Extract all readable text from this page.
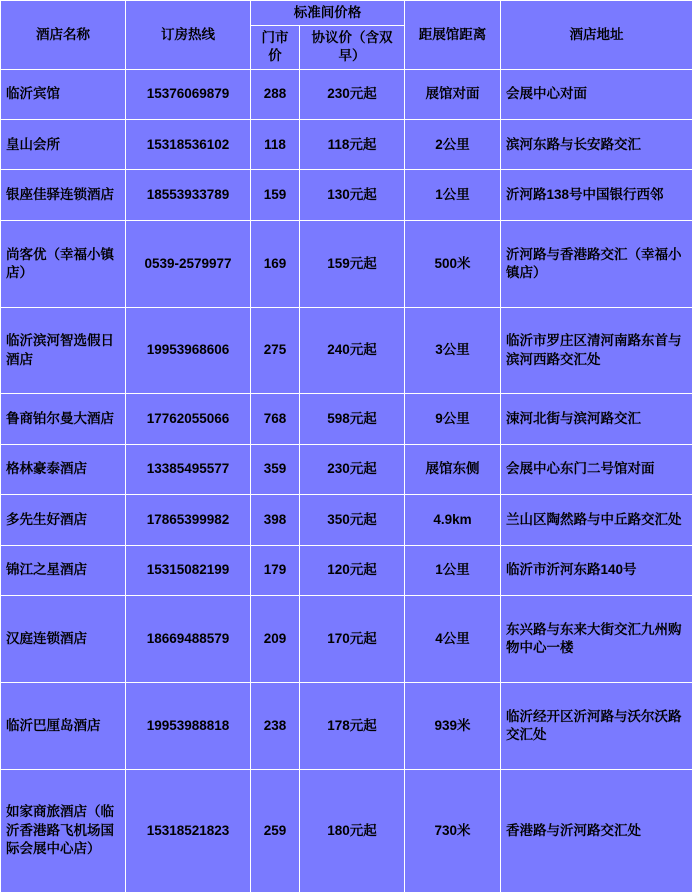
酒店名称	订房热线	标准间价格		距展馆距离	酒店地址
		门市价	协议价（含双早）		
临沂宾馆	15376069879	288	230元起	展馆对面	会展中心对面
皇山会所	15318536102	118	118元起	2公里	滨河东路与长安路交汇
银座佳驿连锁酒店	18553933789	159	130元起	1公里	沂河路138号中国银行西邻
尚客优（幸福小镇店）	0539-2579977	169	159元起	500米	沂河路与香港路交汇（幸福小镇店）
临沂滨河智选假日酒店	19953968606	275	240元起	3公里	临沂市罗庄区清河南路东首与滨河西路交汇处
鲁商铂尔曼大酒店	17762055066	768	598元起	9公里	涑河北街与滨河路交汇
格林豪泰酒店	13385495577	359	230元起	展馆东侧	会展中心东门二号馆对面
多先生好酒店	17865399982	398	350元起	4.9km	兰山区陶然路与中丘路交汇处
锦江之星酒店	15315082199	179	120元起	1公里	临沂市沂河东路140号
汉庭连锁酒店	18669488579	209	170元起	4公里	东兴路与东来大街交汇九州购物中心一楼
临沂巴厘岛酒店	19953988818	238	178元起	939米	临沂经开区沂河路与沃尔沃路交汇处
如家商旅酒店（临沂香港路飞机场国际会展中心店）	15318521823	259	180元起	730米	香港路与沂河路交汇处
